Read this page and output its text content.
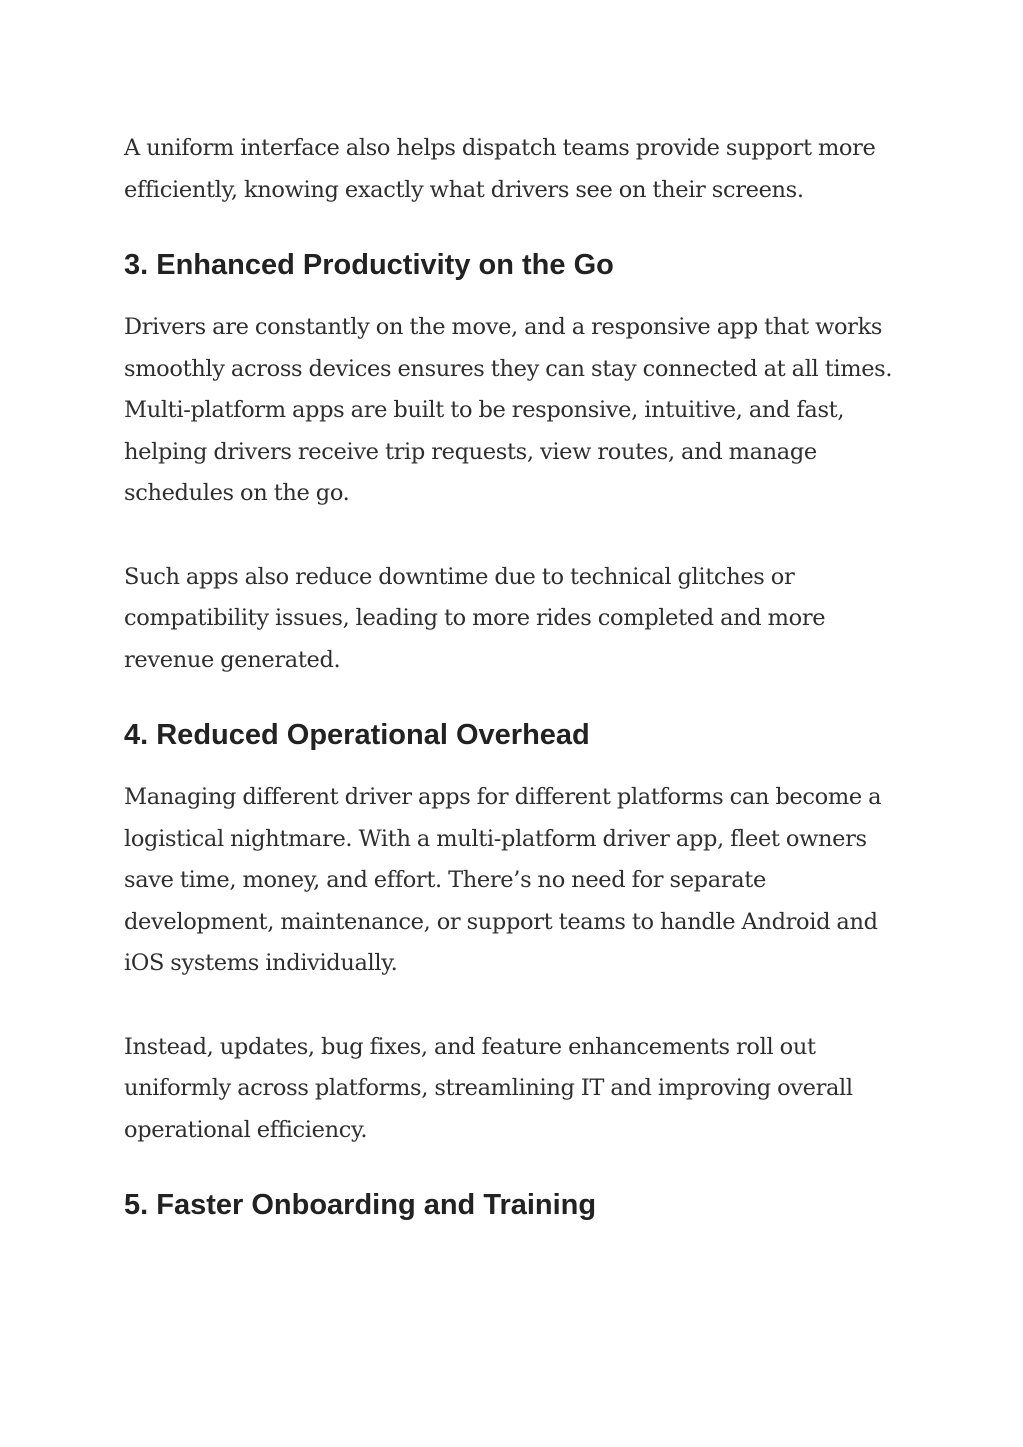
A uniform interface also helps dispatch teams provide support more efficiently, knowing exactly what drivers see on their screens.

3. Enhanced Productivity on the Go

Drivers are constantly on the move, and a responsive app that works smoothly across devices ensures they can stay connected at all times. Multi-platform apps are built to be responsive, intuitive, and fast, helping drivers receive trip requests, view routes, and manage schedules on the go.

Such apps also reduce downtime due to technical glitches or compatibility issues, leading to more rides completed and more revenue generated.

4. Reduced Operational Overhead

Managing different driver apps for different platforms can become a logistical nightmare. With a multi-platform driver app, fleet owners save time, money, and effort. There’s no need for separate development, maintenance, or support teams to handle Android and iOS systems individually.

Instead, updates, bug fixes, and feature enhancements roll out uniformly across platforms, streamlining IT and improving overall operational efficiency.

5. Faster Onboarding and Training
